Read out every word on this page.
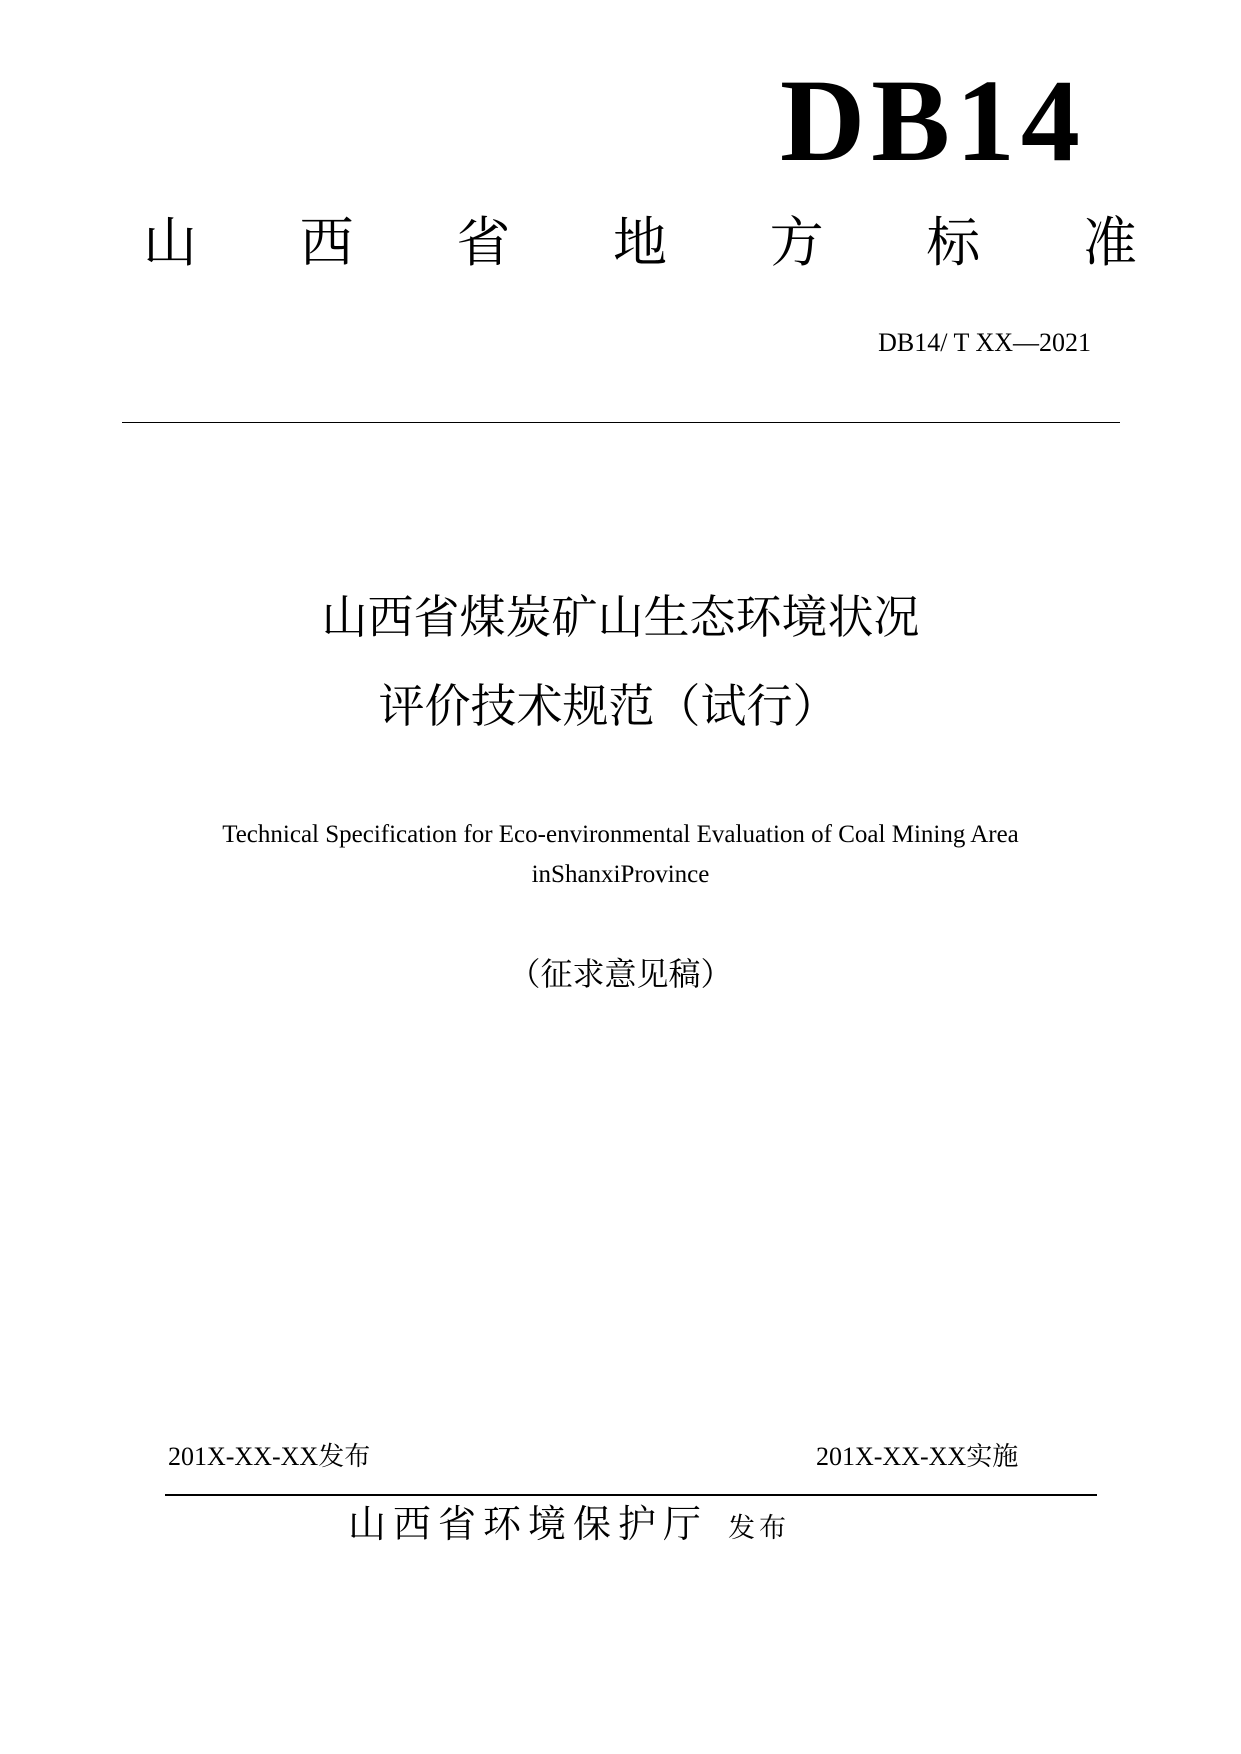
DB14
山 西 省 地 方 标 准
DB14/ T XX—2021
山西省煤炭矿山生态环境状况
评价技术规范（试行）
Technical Specification for Eco-environmental Evaluation of Coal Mining Area
inShanxiProvince
（征求意见稿）
201X-XX-XX发布	201X-XX-XX实施
山西省环境保护厅 发布
